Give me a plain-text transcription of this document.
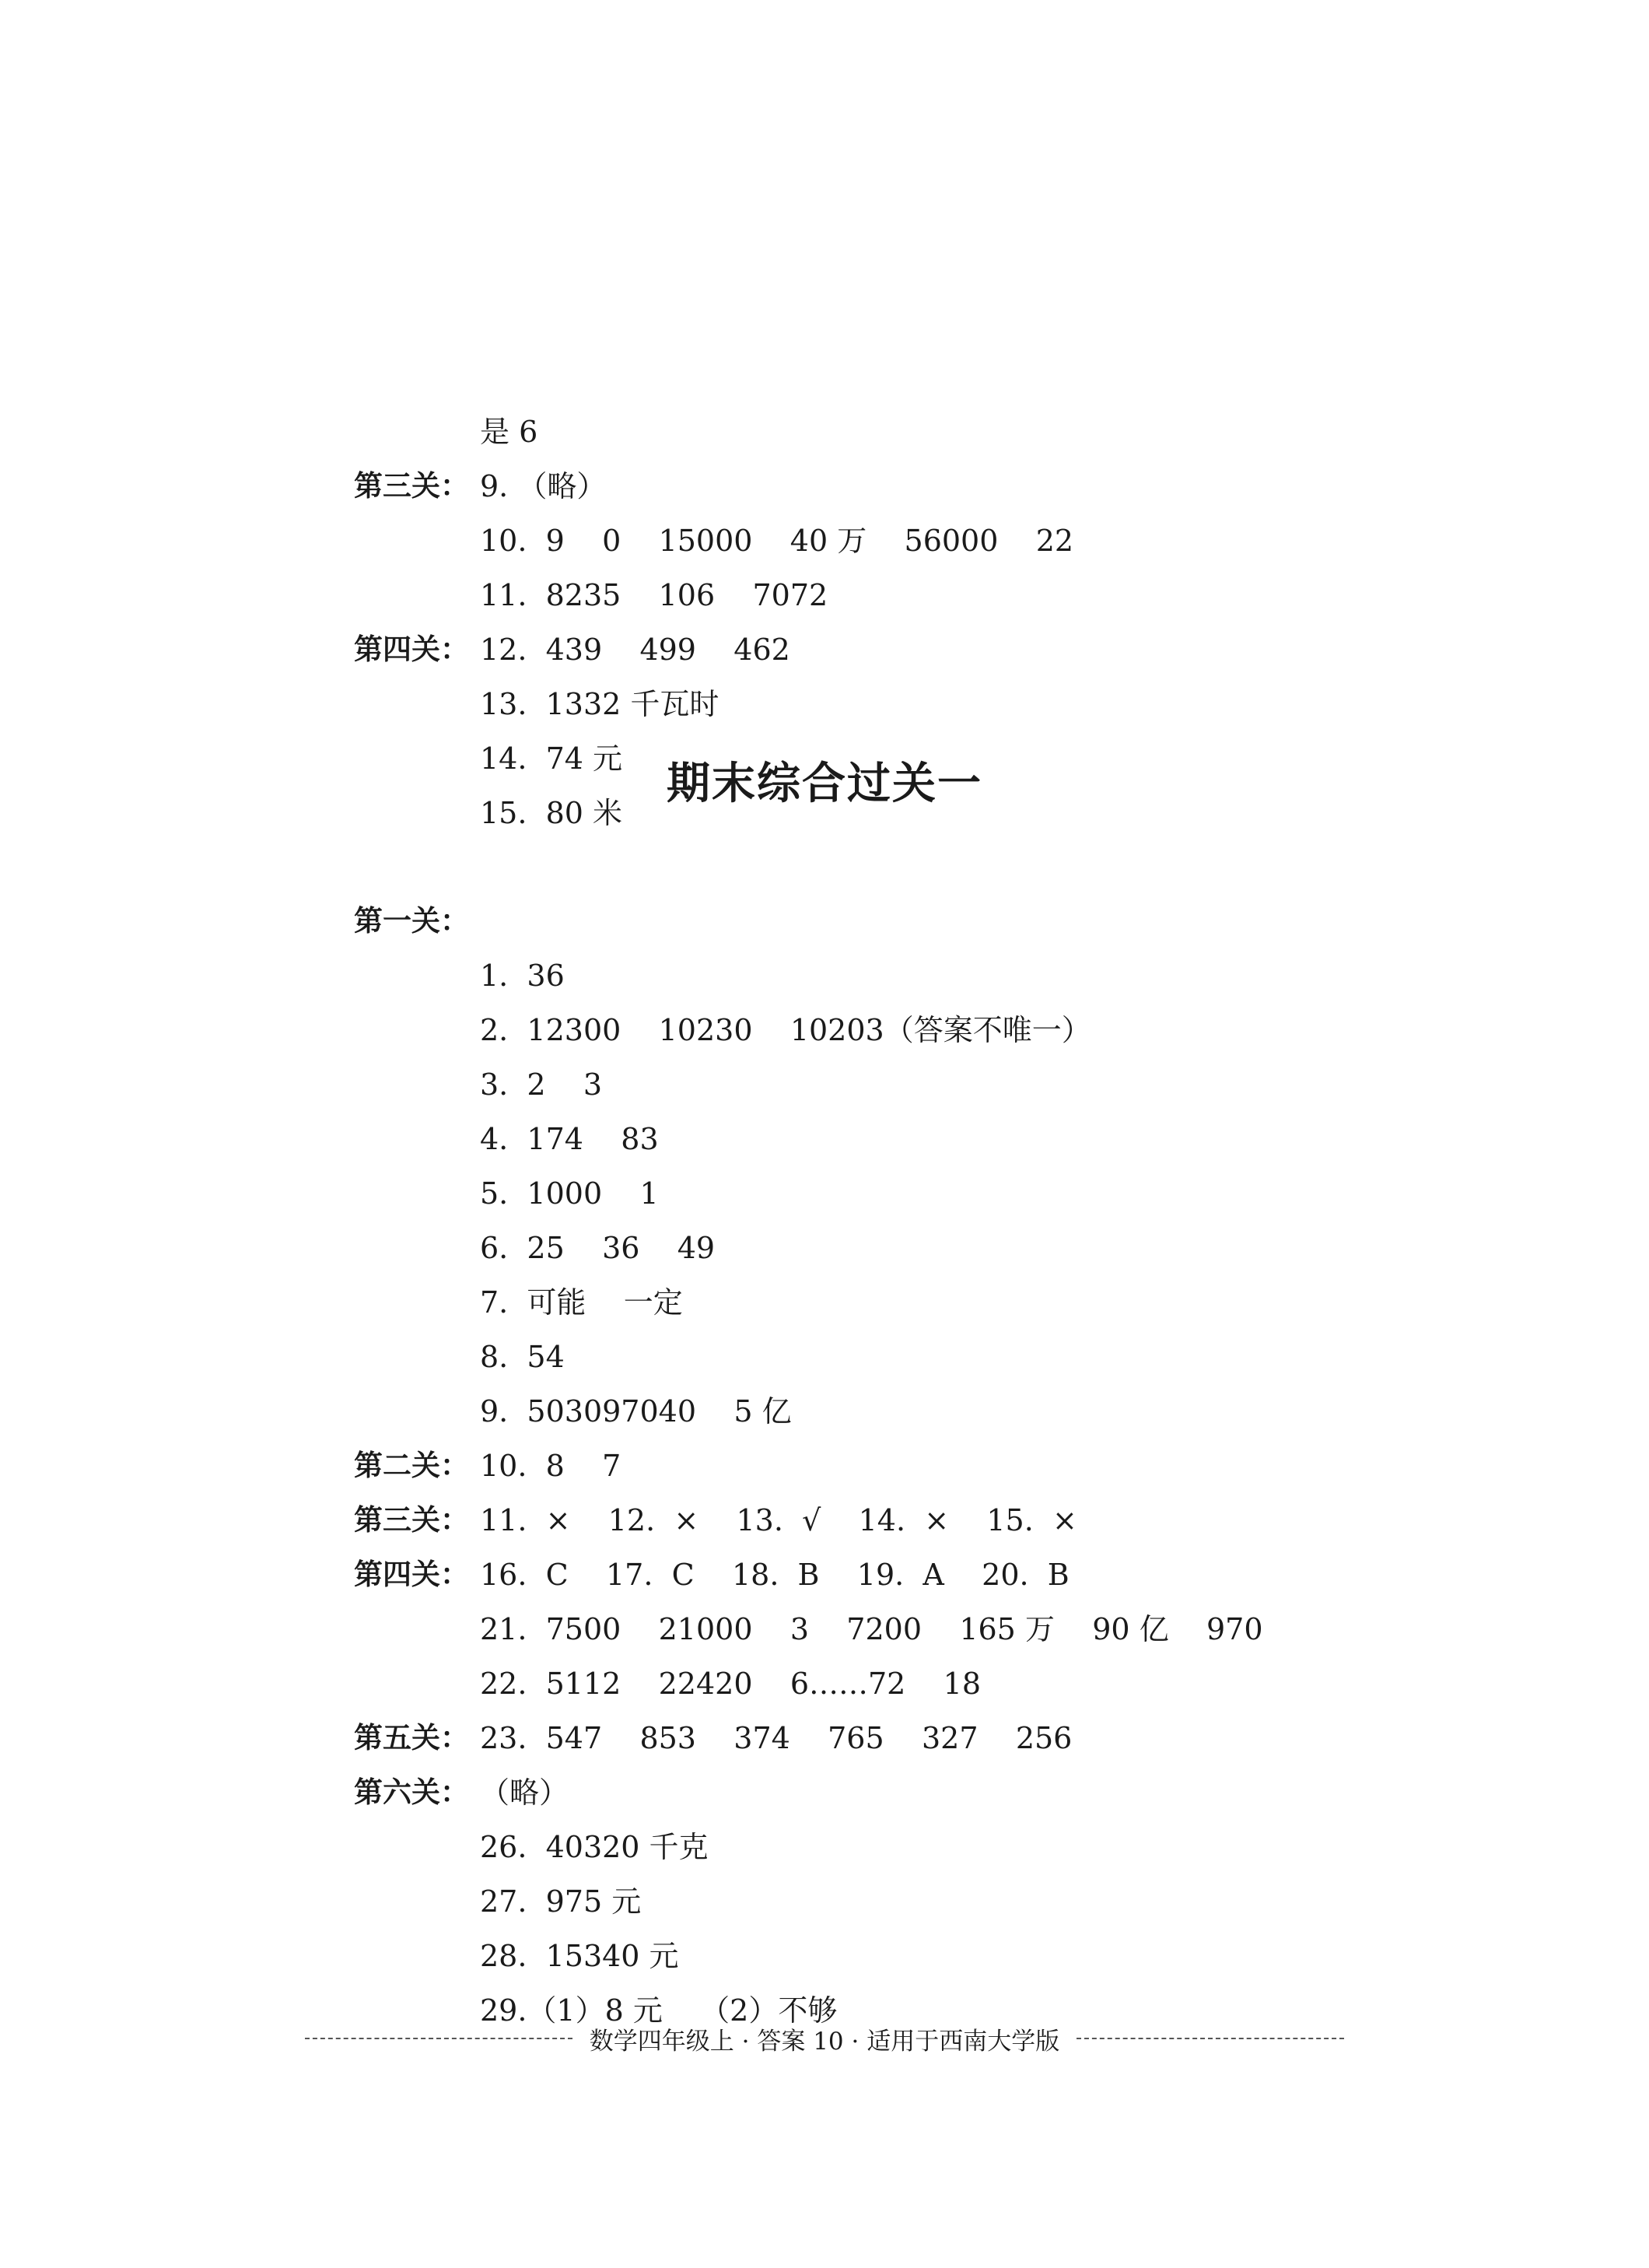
是 6

9. （略）

第三关：

10.  9    0    15000    40 万    56000    22

11.  8235    106    7072

12.  439    499    462

第四关：

13.  1332 千瓦时

14.  74 元

15.  80 米

期末综合过关一

第一关：

1.  36

2.  12300    10230    10203（答案不唯一）

3.  2    3

4.  174    83

5.  1000    1

6.  25    36    49

7.  可能    一定

8.  54

9.  503097040    5 亿

10.  8    7

第二关：

11.  ×    12.  ×    13.  √    14.  ×    15.  ×

第三关：

16.  C    17.  C    18.  B    19.  A    20.  B

第四关：

21.  7500    21000    3    7200    165 万    90 亿    970

22.  5112    22420    6……72    18

23.  547    853    374    765    327    256

第五关：

（略）

第六关：

26.  40320 千克

27.  975 元

28.  15340 元

29.（1）8 元    （2）不够

数学四年级上 · 答案 10 · 适用于西南大学版
